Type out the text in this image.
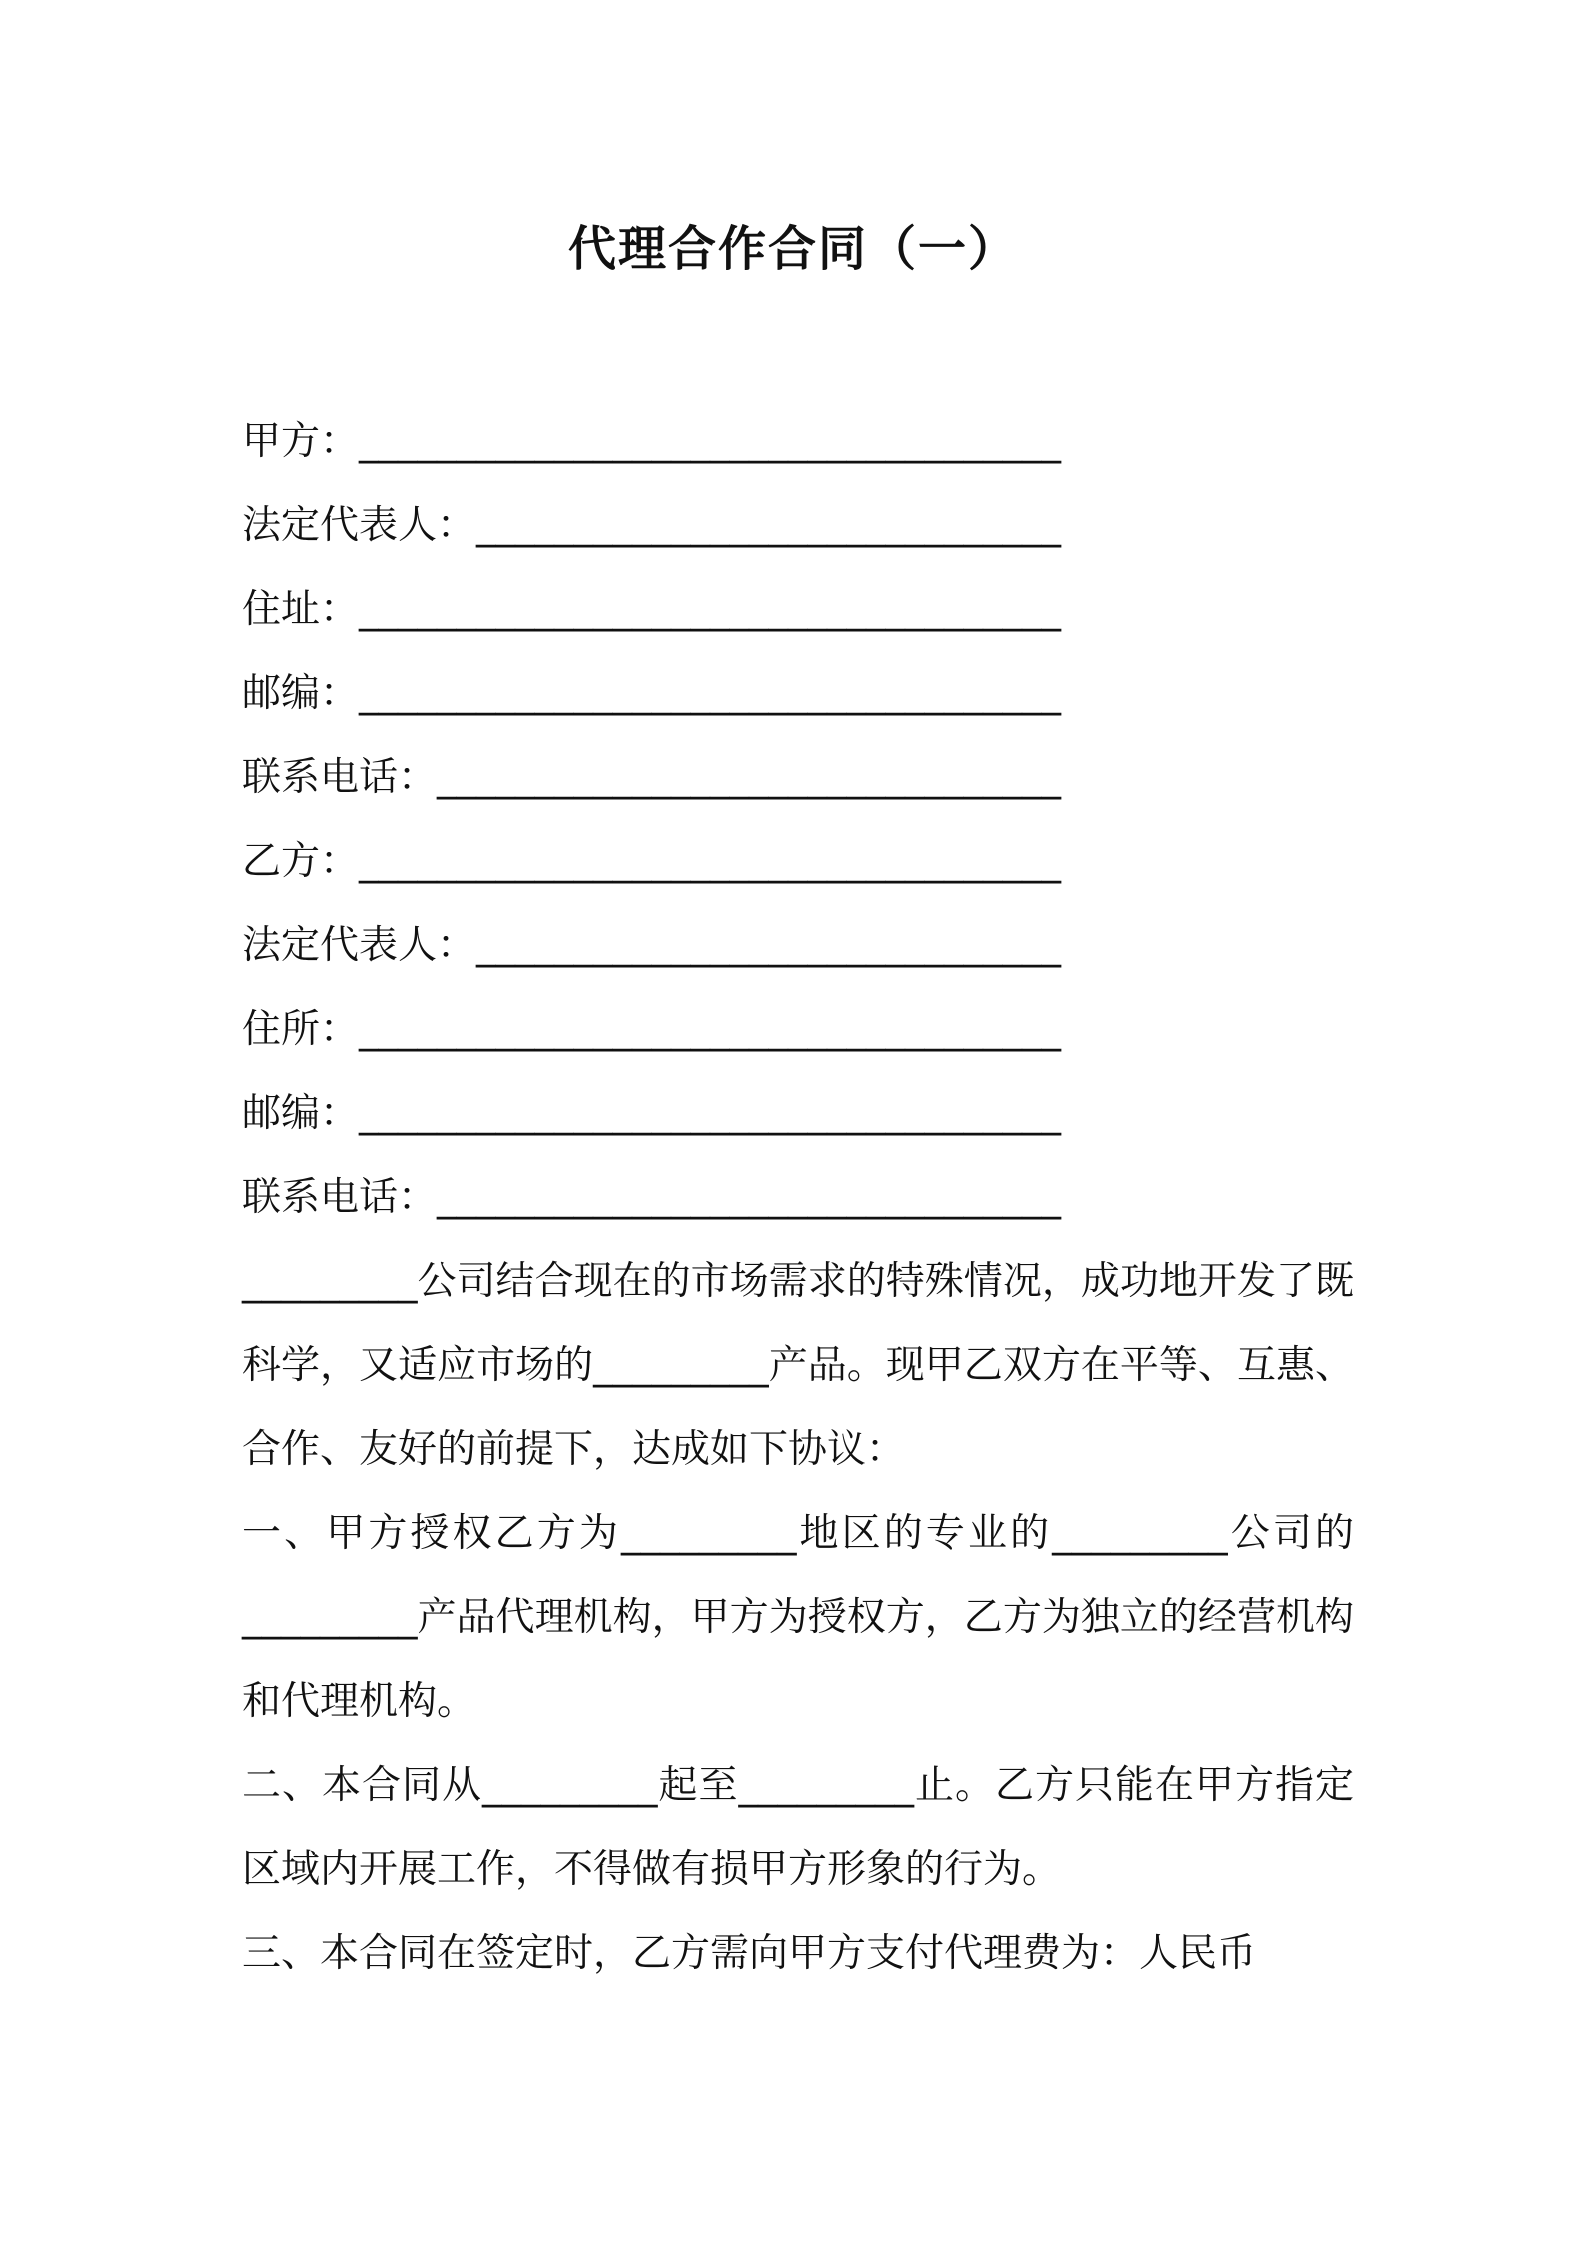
代理合作合同（一）
甲方：____________________________________
法定代表人：______________________________
住址：____________________________________
邮编：____________________________________
联系电话：________________________________
乙方：____________________________________
法定代表人：______________________________
住所：____________________________________
邮编：____________________________________
联系电话：________________________________

_________公司结合现在的市场需求的特殊情况，成功地开发了既科学，又适应市场的_________产品。现甲乙双方在平等、互惠、合作、友好的前提下，达成如下协议：

一、甲方授权乙方为_________地区的专业的_________公司的_________产品代理机构，甲方为授权方，乙方为独立的经营机构和代理机构。

二、本合同从_________起至_________止。乙方只能在甲方指定区域内开展工作，不得做有损甲方形象的行为。

三、本合同在签定时，乙方需向甲方支付代理费为：人民币
